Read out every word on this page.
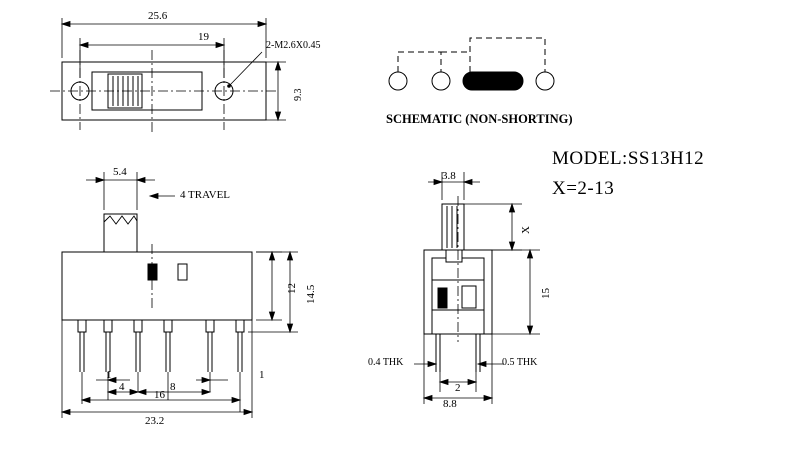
25.6
19
9.3
2-M2.6X0.45
SCHEMATIC (NON-SHORTING)
MODEL:SS13H12
X=2-13
5.4
4 TRAVEL
12 14.5
1
4	8
1
16
23.2
3.8
X
15
2
8.8
0.4 THK	0.5 THK
